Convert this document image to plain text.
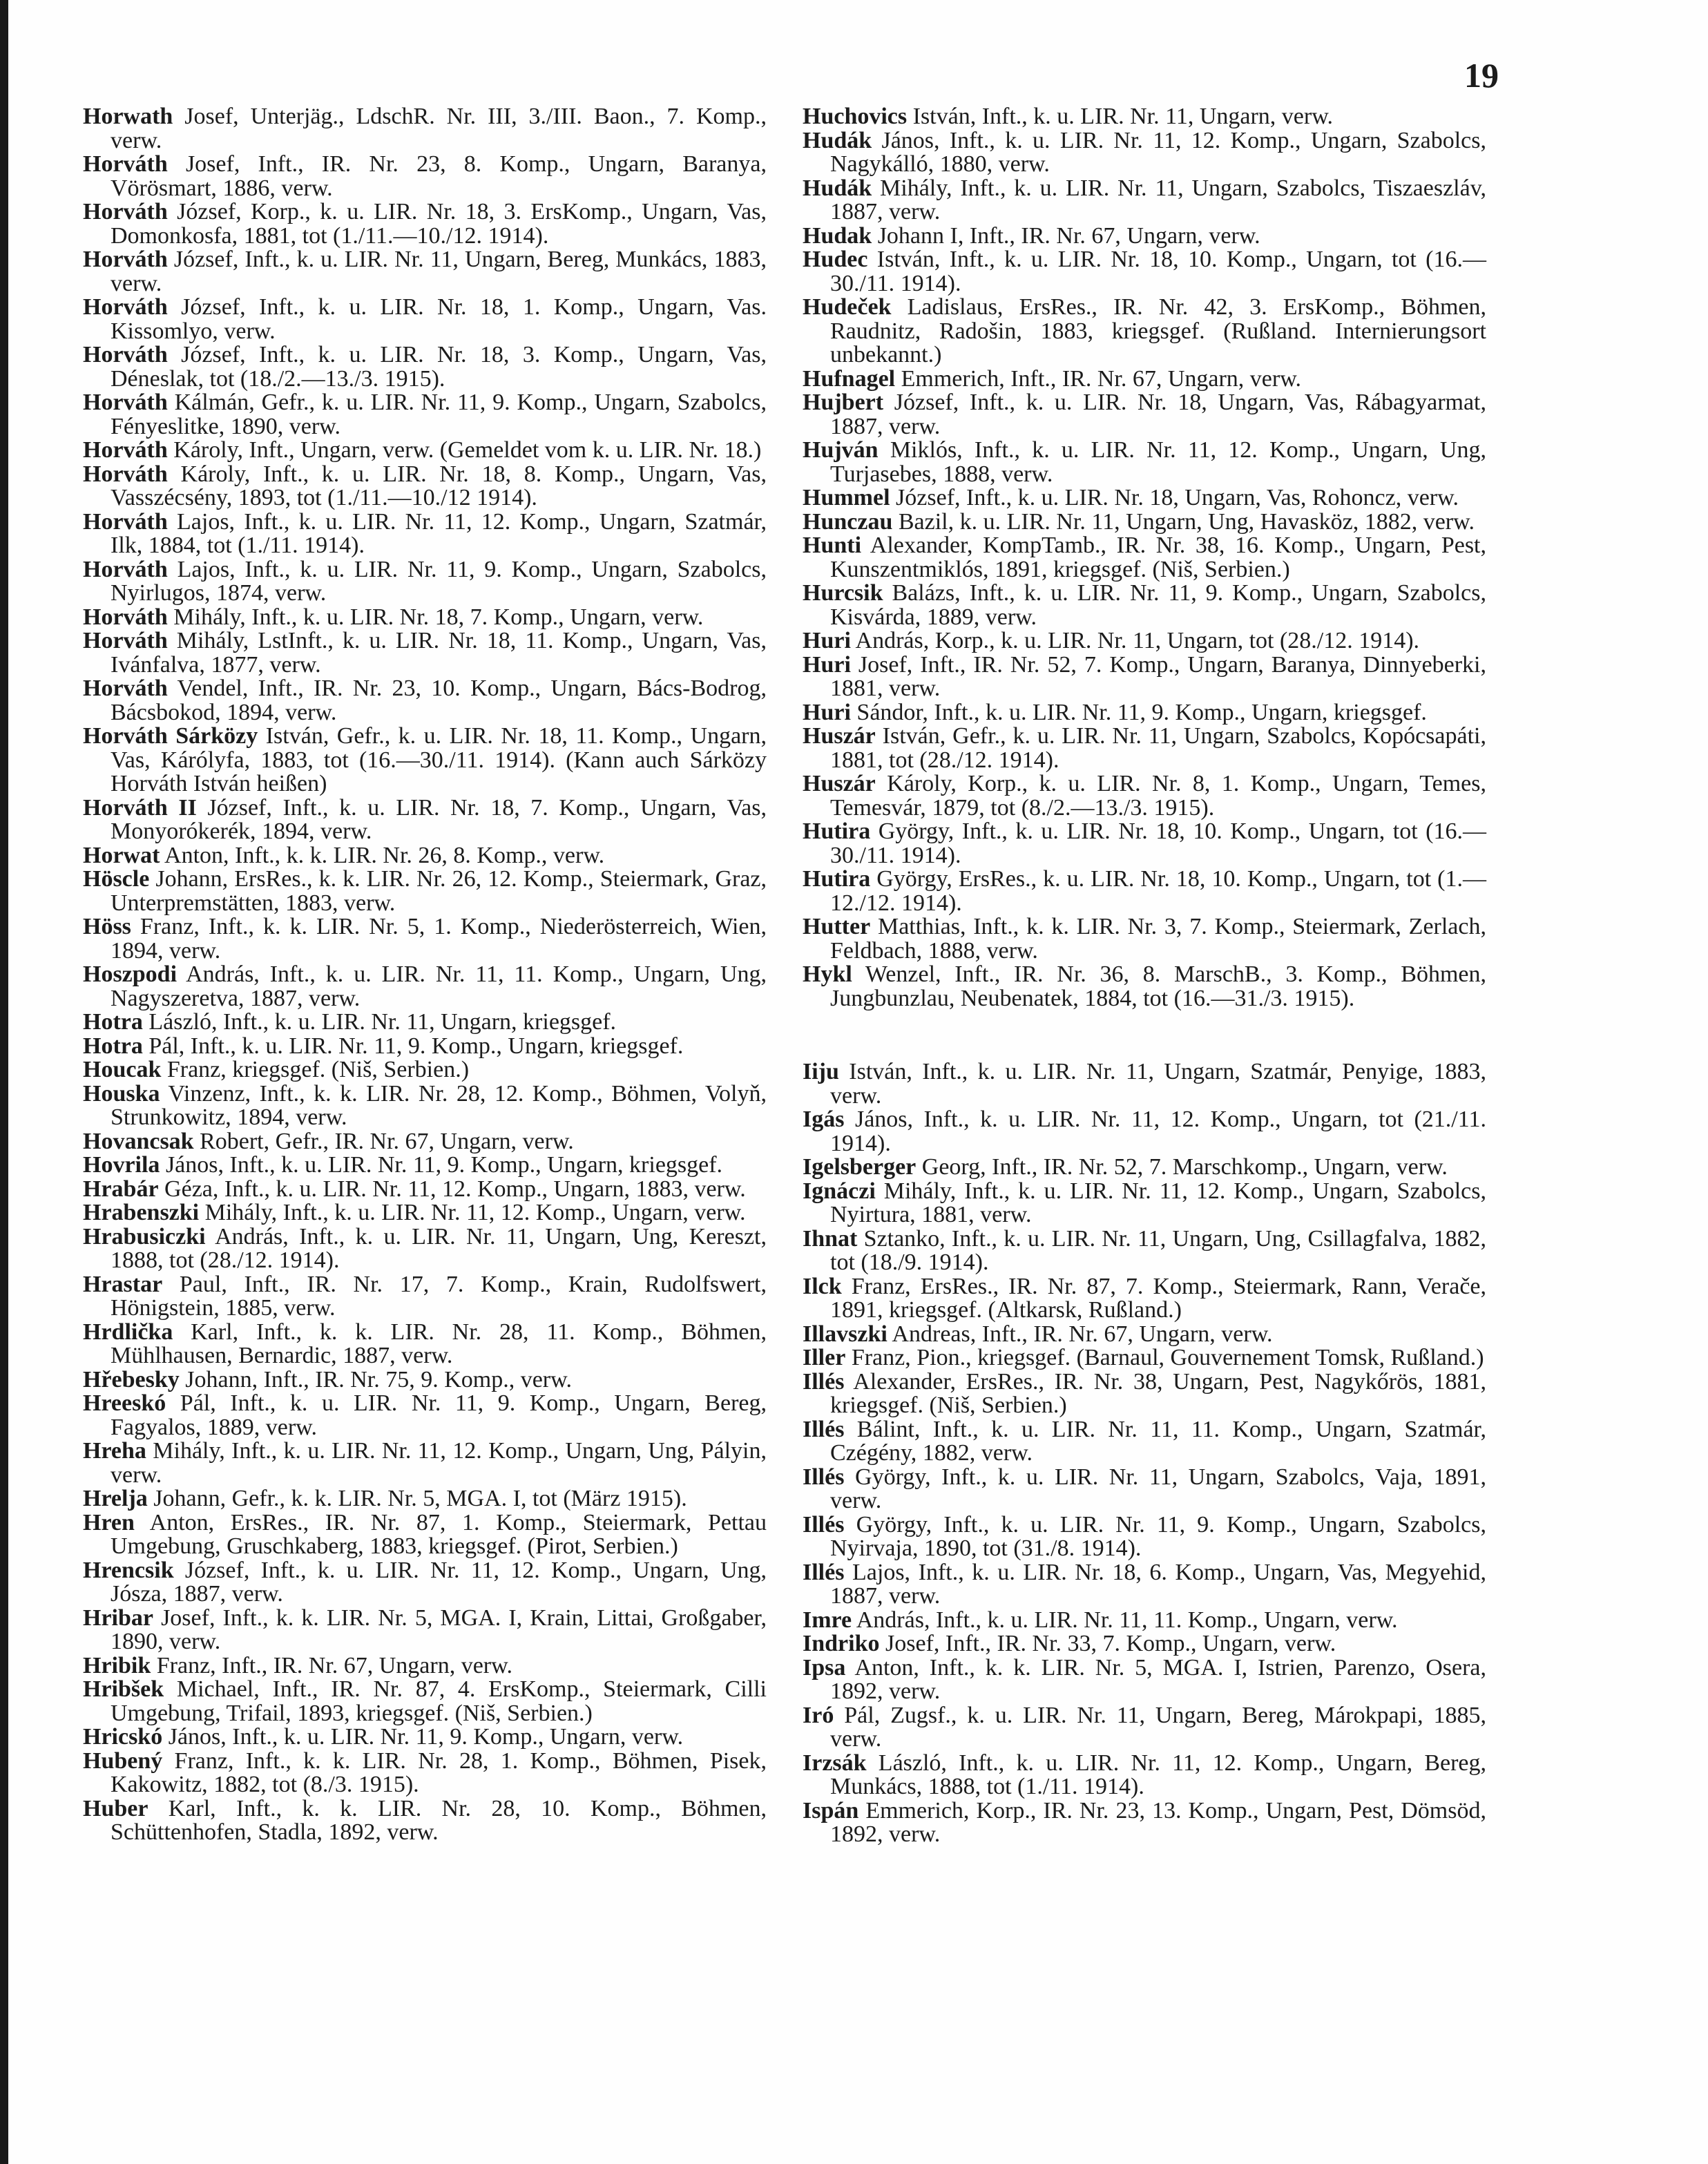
19
Horwath Josef, Unterjäg., LdschR. Nr. III, 3./III. Baon., 7. Komp., verw.
Horváth Josef, Inft., IR. Nr. 23, 8. Komp., Ungarn, Baranya, Vörösmart, 1886, verw.
Horváth József, Korp., k. u. LIR. Nr. 18, 3. ErsKomp., Ungarn, Vas, Domonkosfa, 1881, tot (1./11.—10./12. 1914).
Horváth József, Inft., k. u. LIR. Nr. 11, Ungarn, Bereg, Munkács, 1883, verw.
Horváth József, Inft., k. u. LIR. Nr. 18, 1. Komp., Ungarn, Vas. Kissomlyo, verw.
Horváth József, Inft., k. u. LIR. Nr. 18, 3. Komp., Ungarn, Vas, Déneslak, tot (18./2.—13./3. 1915).
Horváth Kálmán, Gefr., k. u. LIR. Nr. 11, 9. Komp., Ungarn, Szabolcs, Fényeslitke, 1890, verw.
Horváth Károly, Inft., Ungarn, verw. (Gemeldet vom k. u. LIR. Nr. 18.)
Horváth Károly, Inft., k. u. LIR. Nr. 18, 8. Komp., Ungarn, Vas, Vasszécsény, 1893, tot (1./11.—10./12 1914).
Horváth Lajos, Inft., k. u. LIR. Nr. 11, 12. Komp., Ungarn, Szatmár, Ilk, 1884, tot (1./11. 1914).
Horváth Lajos, Inft., k. u. LIR. Nr. 11, 9. Komp., Ungarn, Szabolcs, Nyirlugos, 1874, verw.
Horváth Mihály, Inft., k. u. LIR. Nr. 18, 7. Komp., Ungarn, verw.
Horváth Mihály, LstInft., k. u. LIR. Nr. 18, 11. Komp., Ungarn, Vas, Ivánfalva, 1877, verw.
Horváth Vendel, Inft., IR. Nr. 23, 10. Komp., Ungarn, Bács-Bodrog, Bácsbokod, 1894, verw.
Horváth Sárközy István, Gefr., k. u. LIR. Nr. 18, 11. Komp., Ungarn, Vas, Kárólyfa, 1883, tot (16.—30./11. 1914). (Kann auch Sárközy Horváth István heißen)
Horváth II József, Inft., k. u. LIR. Nr. 18, 7. Komp., Ungarn, Vas, Monyorókerék, 1894, verw.
Horwat Anton, Inft., k. k. LIR. Nr. 26, 8. Komp., verw.
Höscle Johann, ErsRes., k. k. LIR. Nr. 26, 12. Komp., Steiermark, Graz, Unterpremstätten, 1883, verw.
Höss Franz, Inft., k. k. LIR. Nr. 5, 1. Komp., Niederösterreich, Wien, 1894, verw.
Hoszpodi András, Inft., k. u. LIR. Nr. 11, 11. Komp., Ungarn, Ung, Nagyszeretva, 1887, verw.
Hotra László, Inft., k. u. LIR. Nr. 11, Ungarn, kriegsgef.
Hotra Pál, Inft., k. u. LIR. Nr. 11, 9. Komp., Ungarn, kriegsgef.
Houcak Franz, kriegsgef. (Niš, Serbien.)
Houska Vinzenz, Inft., k. k. LIR. Nr. 28, 12. Komp., Böhmen, Volyň, Strunkowitz, 1894, verw.
Hovancsak Robert, Gefr., IR. Nr. 67, Ungarn, verw.
Hovrila János, Inft., k. u. LIR. Nr. 11, 9. Komp., Ungarn, kriegsgef.
Hrabár Géza, Inft., k. u. LIR. Nr. 11, 12. Komp., Ungarn, 1883, verw.
Hrabenszki Mihály, Inft., k. u. LIR. Nr. 11, 12. Komp., Ungarn, verw.
Hrabusiczki András, Inft., k. u. LIR. Nr. 11, Ungarn, Ung, Kereszt, 1888, tot (28./12. 1914).
Hrastar Paul, Inft., IR. Nr. 17, 7. Komp., Krain, Rudolfswert, Hönigstein, 1885, verw.
Hrdlička Karl, Inft., k. k. LIR. Nr. 28, 11. Komp., Böhmen, Mühlhausen, Bernardic, 1887, verw.
Hřebesky Johann, Inft., IR. Nr. 75, 9. Komp., verw.
Hreeskó Pál, Inft., k. u. LIR. Nr. 11, 9. Komp., Ungarn, Bereg, Fagyalos, 1889, verw.
Hreha Mihály, Inft., k. u. LIR. Nr. 11, 12. Komp., Ungarn, Ung, Pályin, verw.
Hrelja Johann, Gefr., k. k. LIR. Nr. 5, MGA. I, tot (März 1915).
Hren Anton, ErsRes., IR. Nr. 87, 1. Komp., Steiermark, Pettau Umgebung, Gruschkaberg, 1883, kriegsgef. (Pirot, Serbien.)
Hrencsik József, Inft., k. u. LIR. Nr. 11, 12. Komp., Ungarn, Ung, Jósza, 1887, verw.
Hribar Josef, Inft., k. k. LIR. Nr. 5, MGA. I, Krain, Littai, Großgaber, 1890, verw.
Hribik Franz, Inft., IR. Nr. 67, Ungarn, verw.
Hribšek Michael, Inft., IR. Nr. 87, 4. ErsKomp., Steiermark, Cilli Umgebung, Trifail, 1893, kriegsgef. (Niš, Serbien.)
Hricskó János, Inft., k. u. LIR. Nr. 11, 9. Komp., Ungarn, verw.
Hubený Franz, Inft., k. k. LIR. Nr. 28, 1. Komp., Böhmen, Pisek, Kakowitz, 1882, tot (8./3. 1915).
Huber Karl, Inft., k. k. LIR. Nr. 28, 10. Komp., Böhmen, Schüttenhofen, Stadla, 1892, verw.
Huchovics István, Inft., k. u. LIR. Nr. 11, Ungarn, verw.
Hudák János, Inft., k. u. LIR. Nr. 11, 12. Komp., Ungarn, Szabolcs, Nagykálló, 1880, verw.
Hudák Mihály, Inft., k. u. LIR. Nr. 11, Ungarn, Szabolcs, Tiszaeszláv, 1887, verw.
Hudak Johann I, Inft., IR. Nr. 67, Ungarn, verw.
Hudec István, Inft., k. u. LIR. Nr. 18, 10. Komp., Ungarn, tot (16.—30./11. 1914).
Hudeček Ladislaus, ErsRes., IR. Nr. 42, 3. ErsKomp., Böhmen, Raudnitz, Radošin, 1883, kriegsgef. (Rußland. Internierungsort unbekannt.)
Hufnagel Emmerich, Inft., IR. Nr. 67, Ungarn, verw.
Hujbert József, Inft., k. u. LIR. Nr. 18, Ungarn, Vas, Rábagyarmat, 1887, verw.
Hujván Miklós, Inft., k. u. LIR. Nr. 11, 12. Komp., Ungarn, Ung, Turjasebes, 1888, verw.
Hummel József, Inft., k. u. LIR. Nr. 18, Ungarn, Vas, Rohoncz, verw.
Hunczau Bazil, k. u. LIR. Nr. 11, Ungarn, Ung, Havasköz, 1882, verw.
Hunti Alexander, KompTamb., IR. Nr. 38, 16. Komp., Ungarn, Pest, Kunszentmiklós, 1891, kriegsgef. (Niš, Serbien.)
Hurcsik Balázs, Inft., k. u. LIR. Nr. 11, 9. Komp., Ungarn, Szabolcs, Kisvárda, 1889, verw.
Huri András, Korp., k. u. LIR. Nr. 11, Ungarn, tot (28./12. 1914).
Huri Josef, Inft., IR. Nr. 52, 7. Komp., Ungarn, Baranya, Dinnyeberki, 1881, verw.
Huri Sándor, Inft., k. u. LIR. Nr. 11, 9. Komp., Ungarn, kriegsgef.
Huszár István, Gefr., k. u. LIR. Nr. 11, Ungarn, Szabolcs, Kopócsapáti, 1881, tot (28./12. 1914).
Huszár Károly, Korp., k. u. LIR. Nr. 8, 1. Komp., Ungarn, Temes, Temesvár, 1879, tot (8./2.—13./3. 1915).
Hutira György, Inft., k. u. LIR. Nr. 18, 10. Komp., Ungarn, tot (16.—30./11. 1914).
Hutira György, ErsRes., k. u. LIR. Nr. 18, 10. Komp., Ungarn, tot (1.—12./12. 1914).
Hutter Matthias, Inft., k. k. LIR. Nr. 3, 7. Komp., Steiermark, Zerlach, Feldbach, 1888, verw.
Hykl Wenzel, Inft., IR. Nr. 36, 8. MarschB., 3. Komp., Böhmen, Jungbunzlau, Neubenatek, 1884, tot (16.—31./3. 1915).
Iiju István, Inft., k. u. LIR. Nr. 11, Ungarn, Szatmár, Penyige, 1883, verw.
Igás János, Inft., k. u. LIR. Nr. 11, 12. Komp., Ungarn, tot (21./11. 1914).
Igelsberger Georg, Inft., IR. Nr. 52, 7. Marschkomp., Ungarn, verw.
Ignáczi Mihály, Inft., k. u. LIR. Nr. 11, 12. Komp., Ungarn, Szabolcs, Nyirtura, 1881, verw.
Ihnat Sztanko, Inft., k. u. LIR. Nr. 11, Ungarn, Ung, Csillagfalva, 1882, tot (18./9. 1914).
Ilck Franz, ErsRes., IR. Nr. 87, 7. Komp., Steiermark, Rann, Verače, 1891, kriegsgef. (Altkarsk, Rußland.)
Illavszki Andreas, Inft., IR. Nr. 67, Ungarn, verw.
Iller Franz, Pion., kriegsgef. (Barnaul, Gouvernement Tomsk, Rußland.)
Illés Alexander, ErsRes., IR. Nr. 38, Ungarn, Pest, Nagykőrös, 1881, kriegsgef. (Niš, Serbien.)
Illés Bálint, Inft., k. u. LIR. Nr. 11, 11. Komp., Ungarn, Szatmár, Czégény, 1882, verw.
Illés György, Inft., k. u. LIR. Nr. 11, Ungarn, Szabolcs, Vaja, 1891, verw.
Illés György, Inft., k. u. LIR. Nr. 11, 9. Komp., Ungarn, Szabolcs, Nyirvaja, 1890, tot (31./8. 1914).
Illés Lajos, Inft., k. u. LIR. Nr. 18, 6. Komp., Ungarn, Vas, Megyehid, 1887, verw.
Imre András, Inft., k. u. LIR. Nr. 11, 11. Komp., Ungarn, verw.
Indriko Josef, Inft., IR. Nr. 33, 7. Komp., Ungarn, verw.
Ipsa Anton, Inft., k. k. LIR. Nr. 5, MGA. I, Istrien, Parenzo, Osera, 1892, verw.
Iró Pál, Zugsf., k. u. LIR. Nr. 11, Ungarn, Bereg, Márokpapi, 1885, verw.
Irzsák László, Inft., k. u. LIR. Nr. 11, 12. Komp., Ungarn, Bereg, Munkács, 1888, tot (1./11. 1914).
Ispán Emmerich, Korp., IR. Nr. 23, 13. Komp., Ungarn, Pest, Dömsöd, 1892, verw.
